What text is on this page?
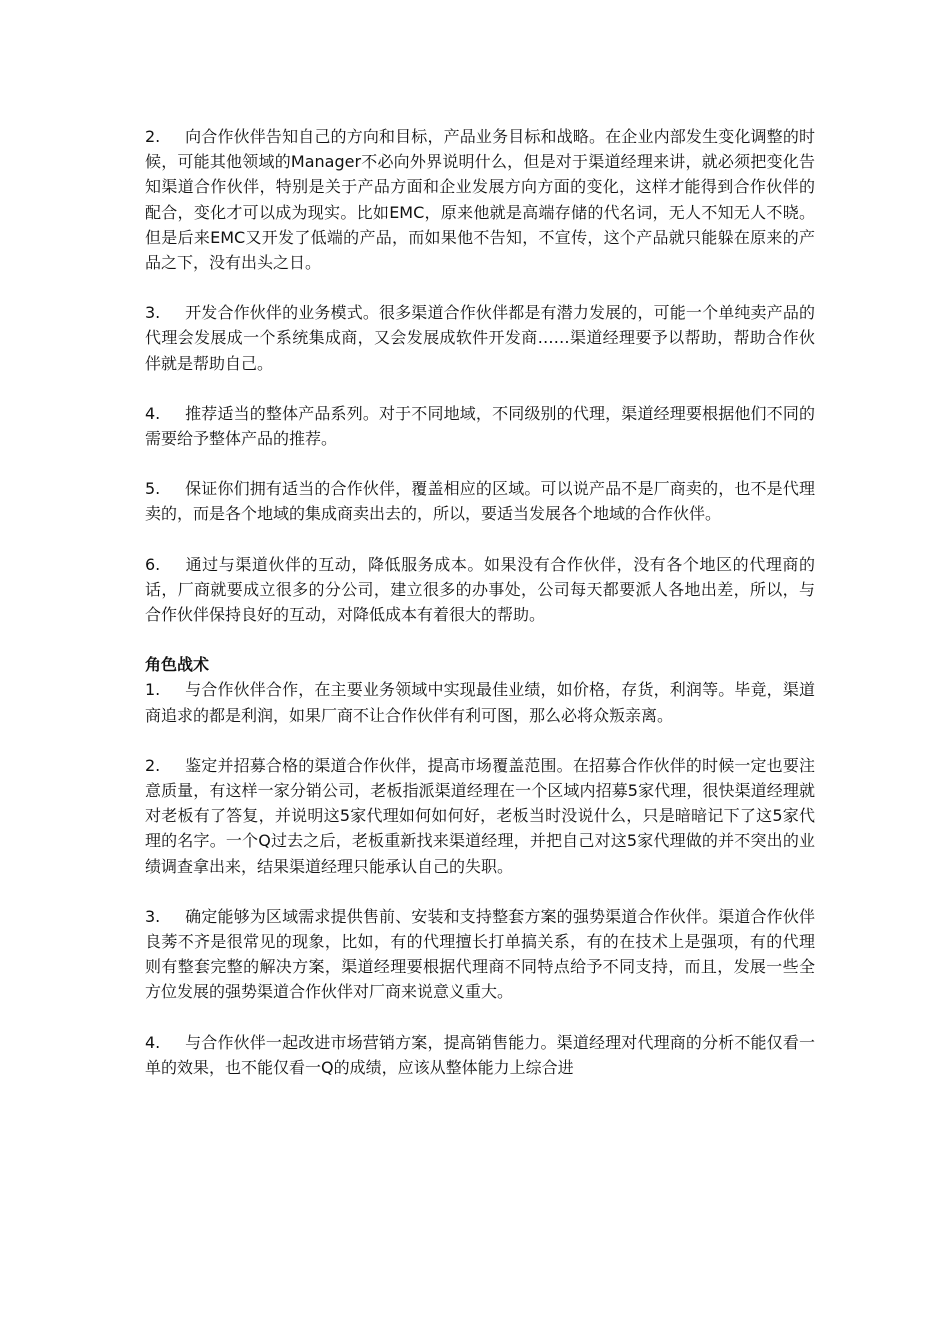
2. 向合作伙伴告知自己的方向和目标，产品业务目标和战略。在企业内部发生变化调整的时候，可能其他领域的Manager不必向外界说明什么，但是对于渠道经理来讲，就必须把变化告知渠道合作伙伴，特别是关于产品方面和企业发展方向方面的变化，这样才能得到合作伙伴的配合，变化才可以成为现实。比如EMC，原来他就是高端存储的代名词，无人不知无人不晓。但是后来EMC又开发了低端的产品，而如果他不告知，不宣传，这个产品就只能躲在原来的产品之下，没有出头之日。

3. 开发合作伙伴的业务模式。很多渠道合作伙伴都是有潜力发展的，可能一个单纯卖产品的代理会发展成一个系统集成商，又会发展成软件开发商……渠道经理要予以帮助，帮助合作伙伴就是帮助自己。

4. 推荐适当的整体产品系列。对于不同地域，不同级别的代理，渠道经理要根据他们不同的需要给予整体产品的推荐。

5. 保证你们拥有适当的合作伙伴，覆盖相应的区域。可以说产品不是厂商卖的，也不是代理卖的，而是各个地域的集成商卖出去的，所以，要适当发展各个地域的合作伙伴。

6. 通过与渠道伙伴的互动，降低服务成本。如果没有合作伙伴，没有各个地区的代理商的话，厂商就要成立很多的分公司，建立很多的办事处，公司每天都要派人各地出差，所以，与合作伙伴保持良好的互动，对降低成本有着很大的帮助。

角色战术

1. 与合作伙伴合作，在主要业务领域中实现最佳业绩，如价格，存货，利润等。毕竟，渠道商追求的都是利润，如果厂商不让合作伙伴有利可图，那么必将众叛亲离。

2. 鉴定并招募合格的渠道合作伙伴，提高市场覆盖范围。在招募合作伙伴的时候一定也要注意质量，有这样一家分销公司，老板指派渠道经理在一个区域内招募5家代理，很快渠道经理就对老板有了答复，并说明这5家代理如何如何好，老板当时没说什么，只是暗暗记下了这5家代理的名字。一个Q过去之后，老板重新找来渠道经理，并把自己对这5家代理做的并不突出的业绩调查拿出来，结果渠道经理只能承认自己的失职。

3. 确定能够为区域需求提供售前、安装和支持整套方案的强势渠道合作伙伴。渠道合作伙伴良莠不齐是很常见的现象，比如，有的代理擅长打单搞关系，有的在技术上是强项，有的代理则有整套完整的解决方案，渠道经理要根据代理商不同特点给予不同支持，而且，发展一些全方位发展的强势渠道合作伙伴对厂商来说意义重大。

4. 与合作伙伴一起改进市场营销方案，提高销售能力。渠道经理对代理商的分析不能仅看一单的效果，也不能仅看一Q的成绩，应该从整体能力上综合进
